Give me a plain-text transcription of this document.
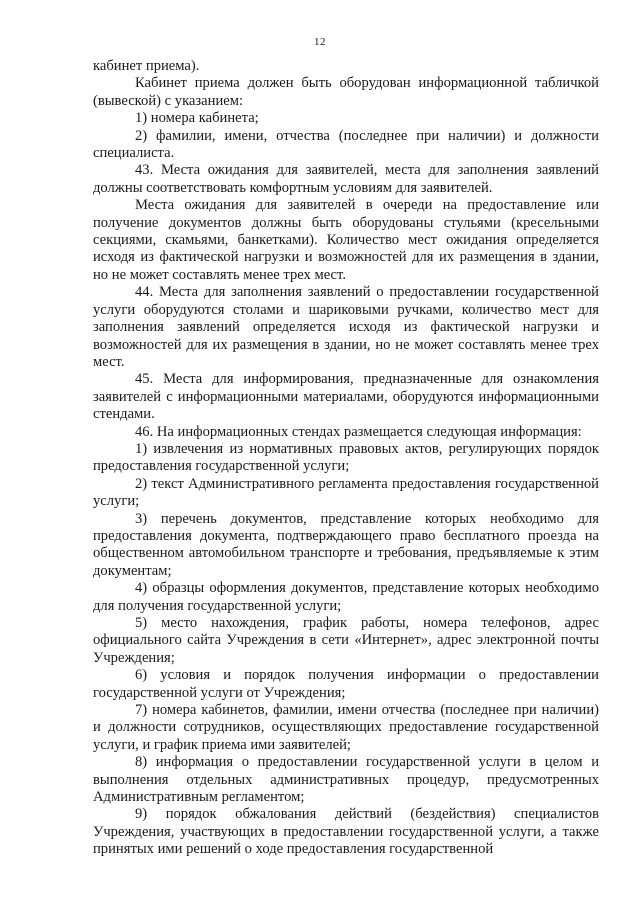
12

кабинет приема).

Кабинет приема должен быть оборудован информационной табличкой (вывеской) с указанием:

1) номера кабинета;

2) фамилии, имени, отчества (последнее при наличии) и должности специалиста.

43. Места ожидания для заявителей, места для заполнения заявлений должны соответствовать комфортным условиям для заявителей.

Места ожидания для заявителей в очереди на предоставление или получение документов должны быть оборудованы стульями (кресельными секциями, скамьями, банкетками). Количество мест ожидания определяется исходя из фактической нагрузки и возможностей для их размещения в здании, но не может составлять менее трех мест.

44. Места для заполнения заявлений о предоставлении государственной услуги оборудуются столами и шариковыми ручками, количество мест для заполнения заявлений определяется исходя из фактической нагрузки и возможностей для их размещения в здании, но не может составлять менее трех мест.

45. Места для информирования, предназначенные для ознакомления заявителей с информационными материалами, оборудуются информационными стендами.

46. На информационных стендах размещается следующая информация:

1) извлечения из нормативных правовых актов, регулирующих порядок предоставления государственной услуги;

2) текст Административного регламента предоставления государственной услуги;

3) перечень документов, представление которых необходимо для предоставления документа, подтверждающего право бесплатного проезда на общественном автомобильном транспорте и требования, предъявляемые к этим документам;

4) образцы оформления документов, представление которых необходимо для получения государственной услуги;

5) место нахождения, график работы, номера телефонов, адрес официального сайта Учреждения в сети «Интернет», адрес электронной почты Учреждения;

6) условия и порядок получения информации о предоставлении государственной услуги от Учреждения;

7) номера кабинетов, фамилии, имени отчества (последнее при наличии) и должности сотрудников, осуществляющих предоставление государственной услуги, и график приема ими заявителей;

8) информация о предоставлении государственной услуги в целом и выполнения отдельных административных процедур, предусмотренных Административным регламентом;

9) порядок обжалования действий (бездействия) специалистов Учреждения, участвующих в предоставлении государственной услуги, а также принятых ими решений о ходе предоставления государственной
